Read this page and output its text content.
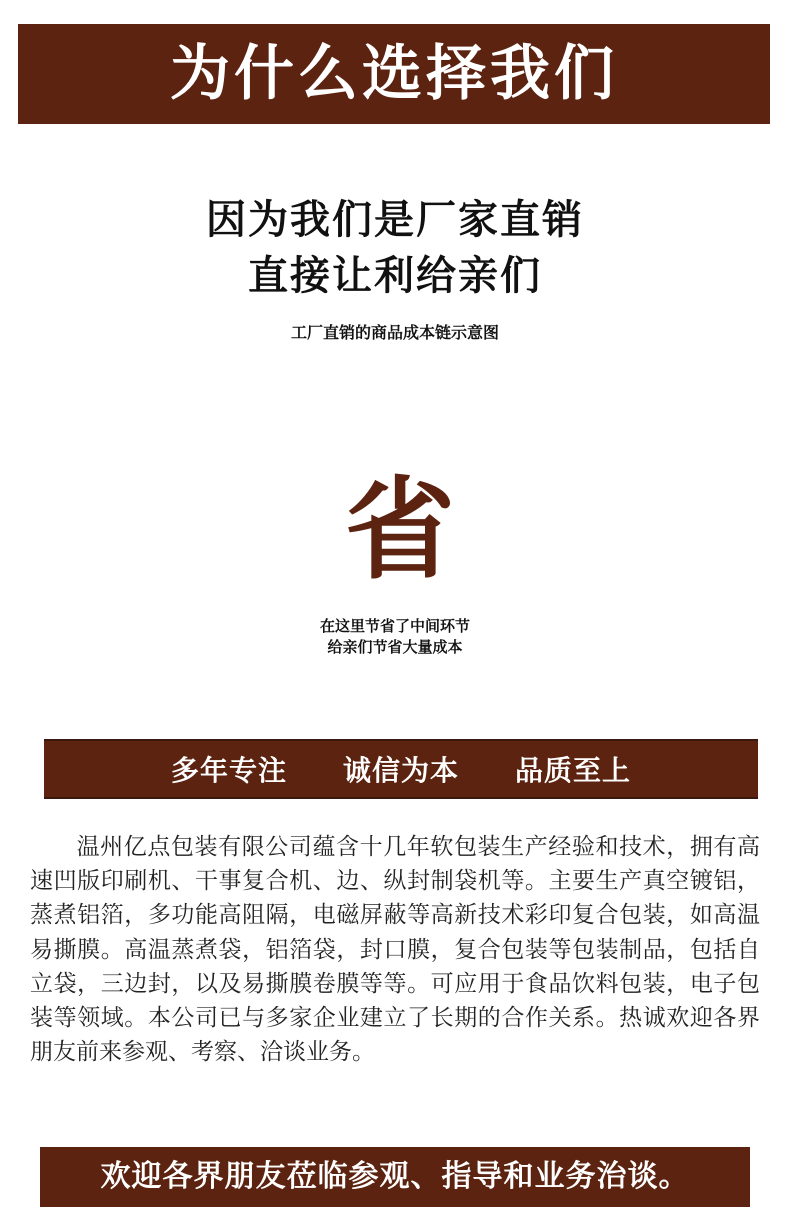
为什么选择我们
因为我们是厂家直销
直接让利给亲们
工厂直销的商品成本链示意图
省
在这里节省了中间环节
给亲们节省大量成本
多年专注 诚信为本 品质至上
温州亿点包装有限公司蕴含十几年软包装生产经验和技术，拥有高速凹版印刷机、干事复合机、边、纵封制袋机等。主要生产真空镀铝，蒸煮铝箔，多功能高阻隔，电磁屏蔽等高新技术彩印复合包装，如高温易撕膜。高温蒸煮袋，铝箔袋，封口膜，复合包装等包装制品，包括自立袋，三边封，以及易撕膜卷膜等等。可应用于食品饮料包装，电子包装等领域。本公司已与多家企业建立了长期的合作关系。热诚欢迎各界朋友前来参观、考察、洽谈业务。
欢迎各界朋友莅临参观、指导和业务治谈。
